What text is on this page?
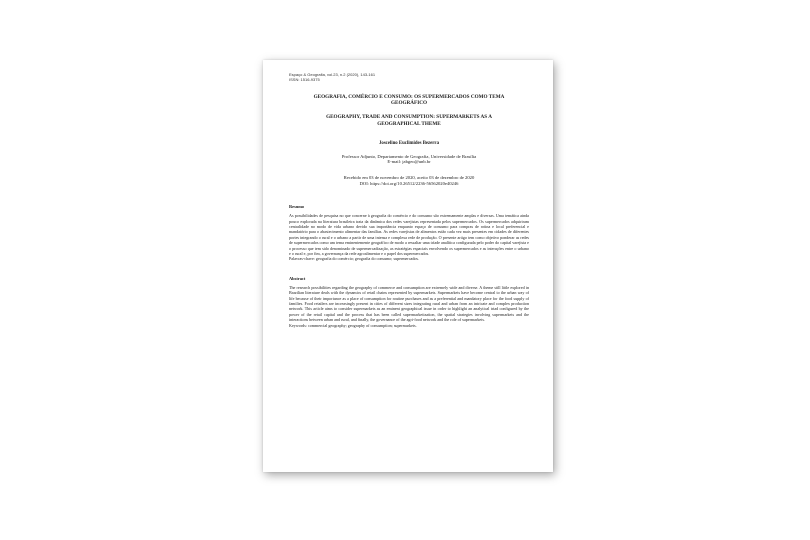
Espaço & Geografia, vol.23, n.2 (2020), 143-161
ISSN: 1516-9375
GEOGRAFIA, COMÉRCIO E CONSUMO: OS SUPERMERCADOS COMO TEMA GEOGRÁFICO
GEOGRAPHY, TRADE AND CONSUMPTION: SUPERMARKETS AS A GEOGRAPHICAL THEME
Joscelino Euclimides Bezerra
Professor Adjunto, Departamento de Geografia, Universidade de Brasília
E-mail: jabgeo@unb.br
Recebido em 03 de novembro de 2020, aceito 03 de dezembro de 2020
DOI: https://doi.org/10.26512/2236-56562020e40246
Resumo
As possibilidades de pesquisa no que concerne à geografia do comércio e do consumo são extremamente amplas e diversas. Uma temática ainda pouco explorada na literatura brasileira trata da dinâmica dos redes varejistas representada pelos supermercados. Os supermercados adquiriram centralidade no modo de vida urbano devido sua importância enquanto espaço de consumo para compras de rotina e local preferencial e mandatório para o abastecimento alimentar das famílias. As redes varejistas de alimentos estão cada vez mais presentes em cidades de diferentes portes integrando o rural e o urbano a partir de uma intensa e complexa rede de produção. O presente artigo tem como objetivo ponderar as redes de supermercados como um tema eminentemente geográfico de modo a ressaltar uma tríade analítica configurada pelo poder do capital varejista e o processo que tem sido denominado de supermercadização, as estratégias espaciais envolvendo os supermercados e as interações entre o urbano e o rural e, por fim, a governança da rede agroalimentar e o papel dos supermercados.
Palavras-chave: geografia do comércio; geografia do consumo; supermercados.
Abstract
The research possibilities regarding the geography of commerce and consumption are extremely wide and diverse. A theme still little explored in Brazilian literature deals with the dynamics of retail chains represented by supermarkets. Supermarkets have become central to the urban way of life because of their importance as a place of consumption for routine purchases and as a preferential and mandatory place for the food supply of families. Food retailers are increasingly present in cities of different sizes integrating rural and urban from an intricate and complex production network. This article aims to consider supermarkets as an eminent geographical issue in order to highlight an analytical triad configured by the power of the retail capital and the process that has been called supermarketization, the spatial strategies involving supermarkets and the interactions between urban and rural, and finally, the governance of the agri-food network and the role of supermarkets.
Keywords: commercial geography; geography of consumption; supermarkets.
